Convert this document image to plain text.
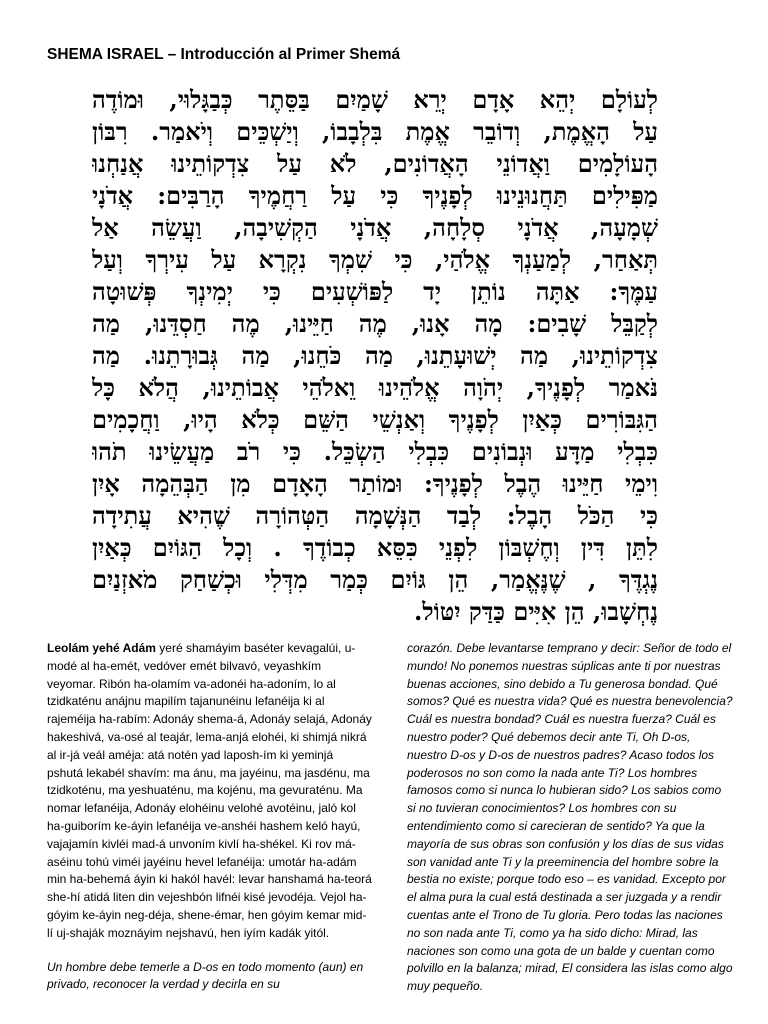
SHEMA ISRAEL – Introducción al Primer Shemá
לְעוֹלָם יְהֵא אָדָם יְרֵא שָׁמַיִם בַּסֵּתֶר כְּבַגָּלוּי, וּמוֹדֶה
עַל הָאֱמֶת, וְדוֹבֵר אֱמֶת בִּלְבָבוֹ, וְיַשְׁכֵּים וְיֹאמַר. רִבּוֹן
הָעוֹלָמִים וַאֲדוֹנֵי הָאֲדוֹנִים, לֹא עַל צִדְקוֹתֵינוּ אֲנַחְנוּ
מַפִּילִים תַּחֲנוּנֵינוּ לְפָנֶיךָ כִּי עַל רַחֲמֶיךָ הָרַבִּים: אֲדֹנָי
שְׁמָעָה, אֲדֹנָי סְלָחָה, אֲדֹנָי הַקְשִׁיבָה, וַעֲשֵׂה אַל
תְּאַחַר, לְמַעַנְךָ אֱלֹהַי, כִּי שִׁמְךָ נִקְרָא עַל עִירְךָ וְעַל
עַמֶּךָ: אַתָּה נוֹתֵן יָד לַפּוֹשְׁעִים כִּי יְמִינְךָ פְּשׁוּטָה
לְקַבֵּל שָׁבִים: מָה אָנוּ, מֶה חַיֵּינוּ, מֶה חַסְדֵּנוּ, מַה
צִדְקוֹתֵינוּ, מַה יְשׁוּעָתֵנוּ, מַה כֹּחֵנוּ, מַה גְּבוּרָתֵנוּ. מַה
נֹּאמַר לְפָנֶיךָ, יְהֹוָה אֱלֹהֵינוּ וֵאלֹהֵי אֲבוֹתֵינוּ, הֲלֹא כָּל
הַגִּבּוֹרִים כְּאַיִן לְפָנֶיךָ וְאַנְשֵׁי הַשֵּׁם כְּלֹא הָיוּ, וַחֲכָמִים
כִּבְלִי מַדָּע וּנְבוֹנִים כִּבְלִי הַשְׂכֵּל. כִּי רֹב מַעֲשֵׂינוּ תֹהוּ
וִימֵי חַיֵּינוּ הֶבֶל לְפָנֶיךָ: וּמוֹתַר הָאָדָם מִן הַבְּהֵמָה אָיִן
כִּי הַכֹּל הָבֶל: לְבַד הַנְּשָׁמָה הַטְּהוֹרָה שֶׁהִיא עֲתִידָה
לִתֵּן דִּין וְחֶשְׁבּוֹן לִפְנֵי כִּסֵּא כְבוֹדֶךָ . וְכָל הַגּוֹיִם כְּאַיִן
נֶגְדֶּךָ , שֶׁנֶּאֱמַר, הֵן גּוֹיִם כְּמַר מִדְּלִי וּכְשַׁחַק מֹאזְנַיִם
נֶחְשָׁבוּ, הֵן אִיִּים כַּדַּק יִטּוֹל.

Leolám yehé Adám yeré shamáyim baséter kevagalúi, u-modé al ha-emét, vedóver emét bilvavó, veyashkím veyomar. Ribón ha-olamím va-adonéi ha-adoním, lo al tzidkaténu anájnu mapilím tajanunéinu lefanéija ki al rajeméija ha-rabím: Adonáy shema-á, Adonáy selajá, Adonáy hakeshivá, va-osé al teajár, lema-anjá elohéi, ki shimjá nikrá al ir-já veál améja: atá notén yad laposh-ím ki yeminjá pshutá lekabél shavím: ma ánu, ma jayéinu, ma jasdénu, ma tzidkoténu, ma yeshuaténu, ma kojénu, ma gevuraténu. Ma nomar lefanéija, Adonáy elohéinu velohé avotéinu, jaló kol ha-guiborím ke-áyin lefanéija ve-anshéi hashem keló hayú, vajajamín kivléi mad-á unvoním kivlí ha-shékel. Ki rov má-aséinu tohú viméi jayéinu hevel lefanéija: umotár ha-adám min ha-behemá áyin ki hakól havél: levar hanshamá ha-teorá she-hí atidá liten din vejeshbón lifnéi kisé jevodéja. Vejol ha-góyim ke-áyin neg-déja, shene-émar, hen góyim kemar mid-lí uj-shaják moznáyim nejshavú, hen iyím kadák yitól.

Un hombre debe temerle a D-os en todo momento (aun) en privado, reconocer la verdad y decirla en su

corazón. Debe levantarse temprano y decir: Señor de todo el mundo! No ponemos nuestras súplicas ante ti por nuestras buenas acciones, sino debido a Tu generosa bondad. Qué somos? Qué es nuestra vida? Qué es nuestra benevolencia? Cuál es nuestra bondad? Cuál es nuestra fuerza? Cuál es nuestro poder? Qué debemos decir ante Ti, Oh D-os, nuestro D-os y D-os de nuestros padres? Acaso todos los poderosos no son como la nada ante Ti? Los hombres famosos como si nunca lo hubieran sido? Los sabios como si no tuvieran conocimientos? Los hombres con su entendimiento como si carecieran de sentido? Ya que la mayoría de sus obras son confusión y los días de sus vidas son vanidad ante Ti y la preeminencia del hombre sobre la bestia no existe; porque todo eso – es vanidad. Excepto por el alma pura la cual está destinada a ser juzgada y a rendir cuentas ante el Trono de Tu gloria. Pero todas las naciones no son nada ante Ti, como ya ha sido dicho: Mirad, las naciones son como una gota de un balde y cuentan como polvillo en la balanza; mirad, El considera las islas como algo muy pequeño.
